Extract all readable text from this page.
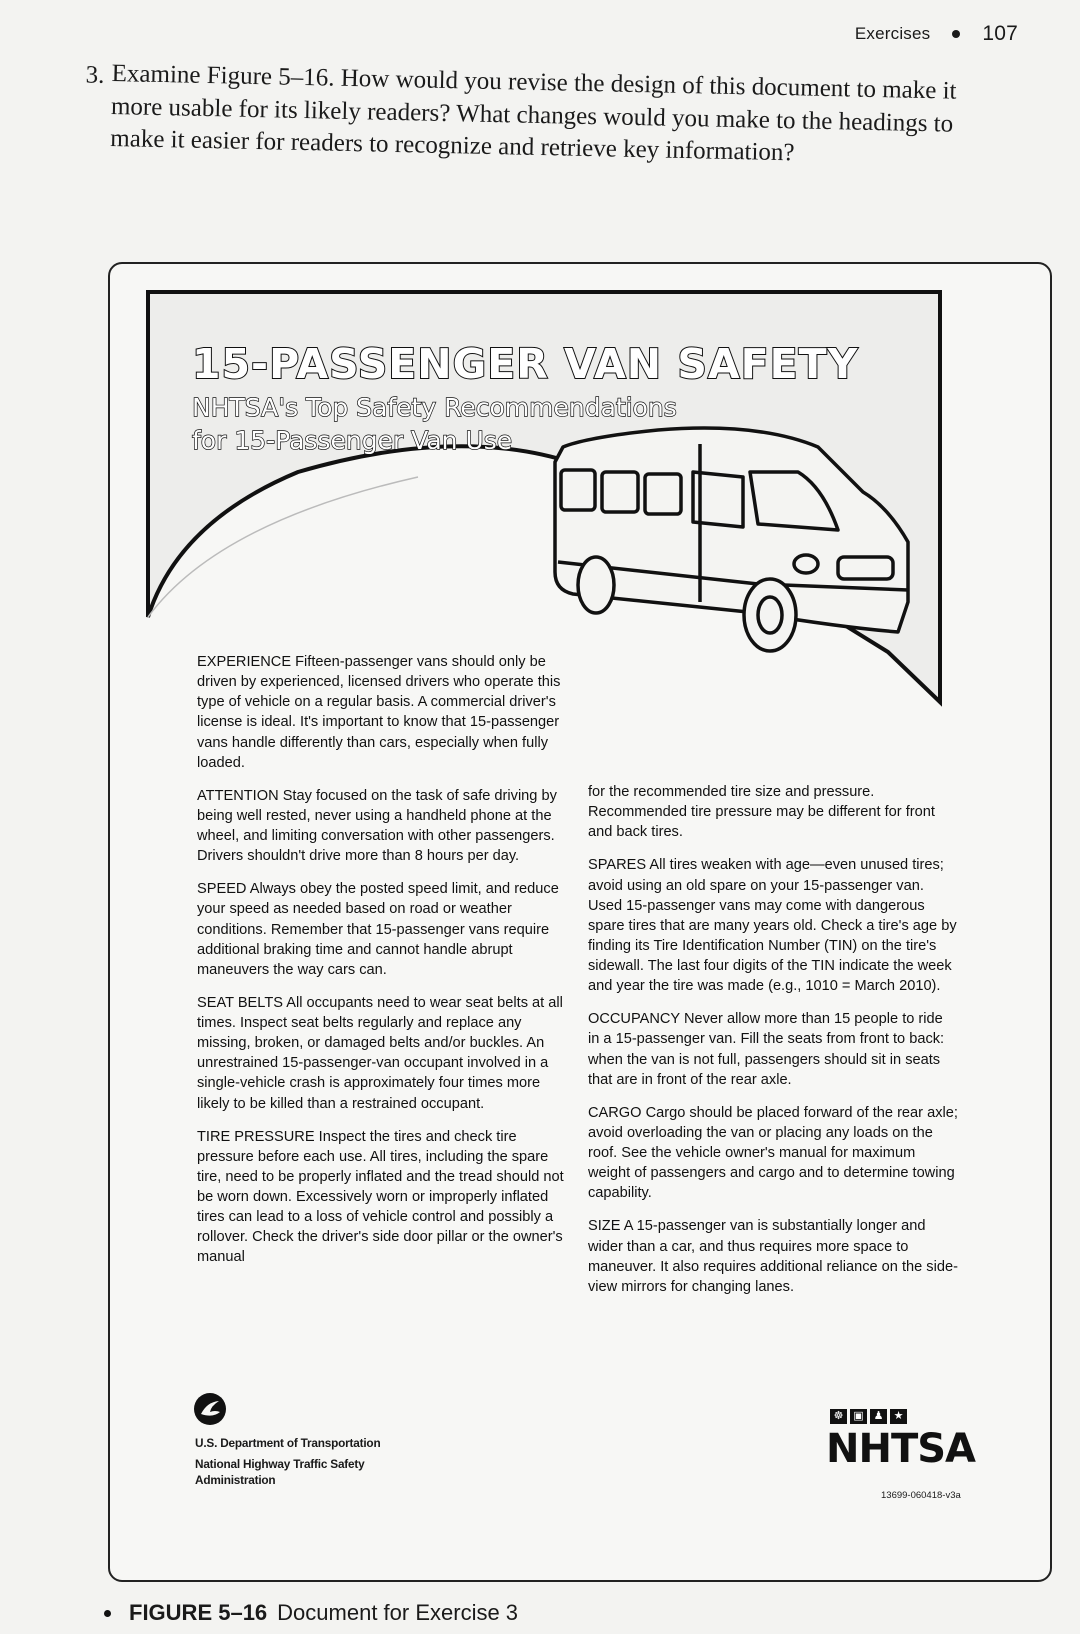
Exercises 107
3. Examine Figure 5–16. How would you revise the design of this document to make it more usable for its likely readers? What changes would you make to the headings to make it easier for readers to recognize and retrieve key information?
15-PASSENGER VAN SAFETY
NHTSA's Top Safety Recommendations for 15-Passenger Van Use

EXPERIENCE Fifteen-passenger vans should only be driven by experienced, licensed drivers who operate this type of vehicle on a regular basis. A commercial driver's license is ideal. It's important to know that 15-passenger vans handle differently than cars, especially when fully loaded.

ATTENTION Stay focused on the task of safe driving by being well rested, never using a handheld phone at the wheel, and limiting conversation with other passengers. Drivers shouldn't drive more than 8 hours per day.

SPEED Always obey the posted speed limit, and reduce your speed as needed based on road or weather conditions. Remember that 15-passenger vans require additional braking time and cannot handle abrupt maneuvers the way cars can.

SEAT BELTS All occupants need to wear seat belts at all times. Inspect seat belts regularly and replace any missing, broken, or damaged belts and/or buckles. An unrestrained 15-passenger-van occupant involved in a single-vehicle crash is approximately four times more likely to be killed than a restrained occupant.

TIRE PRESSURE Inspect the tires and check tire pressure before each use. All tires, including the spare tire, need to be properly inflated and the tread should not be worn down. Excessively worn or improperly inflated tires can lead to a loss of vehicle control and possibly a rollover. Check the driver's side door pillar or the owner's manual

for the recommended tire size and pressure. Recommended tire pressure may be different for front and back tires.

SPARES All tires weaken with age—even unused tires; avoid using an old spare on your 15-passenger van. Used 15-passenger vans may come with dangerous spare tires that are many years old. Check a tire's age by finding its Tire Identification Number (TIN) on the tire's sidewall. The last four digits of the TIN indicate the week and year the tire was made (e.g., 1010 = March 2010).

OCCUPANCY Never allow more than 15 people to ride in a 15-passenger van. Fill the seats from front to back: when the van is not full, passengers should sit in seats that are in front of the rear axle.

CARGO Cargo should be placed forward of the rear axle; avoid overloading the van or placing any loads on the roof. See the vehicle owner's manual for maximum weight of passengers and cargo and to determine towing capability.

SIZE A 15-passenger van is substantially longer and wider than a car, and thus requires more space to maneuver. It also requires additional reliance on the side-view mirrors for changing lanes.

U.S. Department of Transportation
National Highway Traffic Safety
Administration
☸ ▣ ♟ ★
NHTSA
13699-060418-v3a
FIGURE 5–16 Document for Exercise 3
